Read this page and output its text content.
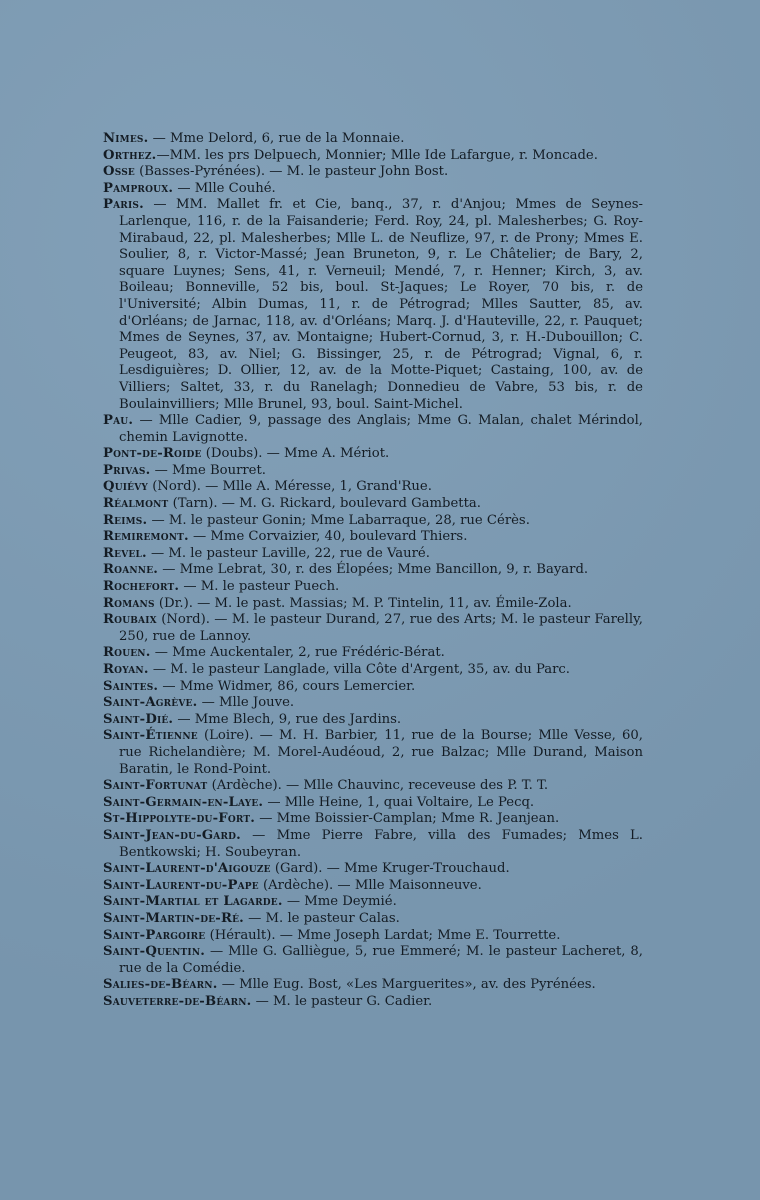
Nimes. — Mme Delord, 6, rue de la Monnaie.

Orthez.—MM. les prs Delpuech, Monnier; Mlle Ide Lafargue, r. Moncade.

Osse (Basses-Pyrénées). — M. le pasteur John Bost.

Pamproux. — Mlle Couhé.

Paris. — MM. Mallet fr. et Cie, banq., 37, r. d'Anjou; Mmes de Seynes-Larlenque, 116, r. de la Faisanderie; Ferd. Roy, 24, pl. Malesherbes; G. Roy-Mirabaud, 22, pl. Malesherbes; Mlle L. de Neuflize, 97, r. de Prony; Mmes E. Soulier, 8, r. Victor-Massé; Jean Bruneton, 9, r. Le Châtelier; de Bary, 2, square Luynes; Sens, 41, r. Verneuil; Mendé, 7, r. Henner; Kirch, 3, av. Boileau; Bonneville, 52 bis, boul. St-Jaques; Le Royer, 70 bis, r. de l'Université; Albin Dumas, 11, r. de Pétrograd; Mlles Sautter, 85, av. d'Orléans; de Jarnac, 118, av. d'Orléans; Marq. J. d'Hauteville, 22, r. Pauquet; Mmes de Seynes, 37, av. Montaigne; Hubert-Cornud, 3, r. H.-Dubouillon; C. Peugeot, 83, av. Niel; G. Bissinger, 25, r. de Pétrograd; Vignal, 6, r. Lesdiguières; D. Ollier, 12, av. de la Motte-Piquet; Castaing, 100, av. de Villiers; Saltet, 33, r. du Ranelagh; Donnedieu de Vabre, 53 bis, r. de Boulainvilliers; Mlle Brunel, 93, boul. Saint-Michel.

Pau. — Mlle Cadier, 9, passage des Anglais; Mme G. Malan, chalet Mérindol, chemin Lavignotte.

Pont-de-Roide (Doubs). — Mme A. Mériot.

Privas. — Mme Bourret.

Quiévy (Nord). — Mlle A. Méresse, 1, Grand'Rue.

Réalmont (Tarn). — M. G. Rickard, boulevard Gambetta.

Reims. — M. le pasteur Gonin; Mme Labarraque, 28, rue Cérès.

Remiremont. — Mme Corvaizier, 40, boulevard Thiers.

Revel. — M. le pasteur Laville, 22, rue de Vauré.

Roanne. — Mme Lebrat, 30, r. des Élopées; Mme Bancillon, 9, r. Bayard.

Rochefort. — M. le pasteur Puech.

Romans (Dr.). — M. le past. Massias; M. P. Tintelin, 11, av. Émile-Zola.

Roubaix (Nord). — M. le pasteur Durand, 27, rue des Arts; M. le pasteur Farelly, 250, rue de Lannoy.

Rouen. — Mme Auckentaler, 2, rue Frédéric-Bérat.

Royan. — M. le pasteur Langlade, villa Côte d'Argent, 35, av. du Parc.

Saintes. — Mme Widmer, 86, cours Lemercier.

Saint-Agrève. — Mlle Jouve.

Saint-Dié. — Mme Blech, 9, rue des Jardins.

Saint-Étienne (Loire). — M. H. Barbier, 11, rue de la Bourse; Mlle Vesse, 60, rue Richelandière; M. Morel-Audéoud, 2, rue Balzac; Mlle Durand, Maison Baratin, le Rond-Point.

Saint-Fortunat (Ardèche). — Mlle Chauvinc, receveuse des P. T. T.

Saint-Germain-en-Laye. — Mlle Heine, 1, quai Voltaire, Le Pecq.

St-Hippolyte-du-Fort. — Mme Boissier-Camplan; Mme R. Jeanjean.

Saint-Jean-du-Gard. — Mme Pierre Fabre, villa des Fumades; Mmes L. Bentkowski; H. Soubeyran.

Saint-Laurent-d'Aigouze (Gard). — Mme Kruger-Trouchaud.

Saint-Laurent-du-Pape (Ardèche). — Mlle Maisonneuve.

Saint-Martial et Lagarde. — Mme Deymié.

Saint-Martin-de-Ré. — M. le pasteur Calas.

Saint-Pargoire (Hérault). — Mme Joseph Lardat; Mme E. Tourrette.

Saint-Quentin. — Mlle G. Galliègue, 5, rue Emmeré; M. le pasteur Lacheret, 8, rue de la Comédie.

Salies-de-Béarn. — Mlle Eug. Bost, «Les Marguerites», av. des Pyrénées.

Sauveterre-de-Béarn. — M. le pasteur G. Cadier.
